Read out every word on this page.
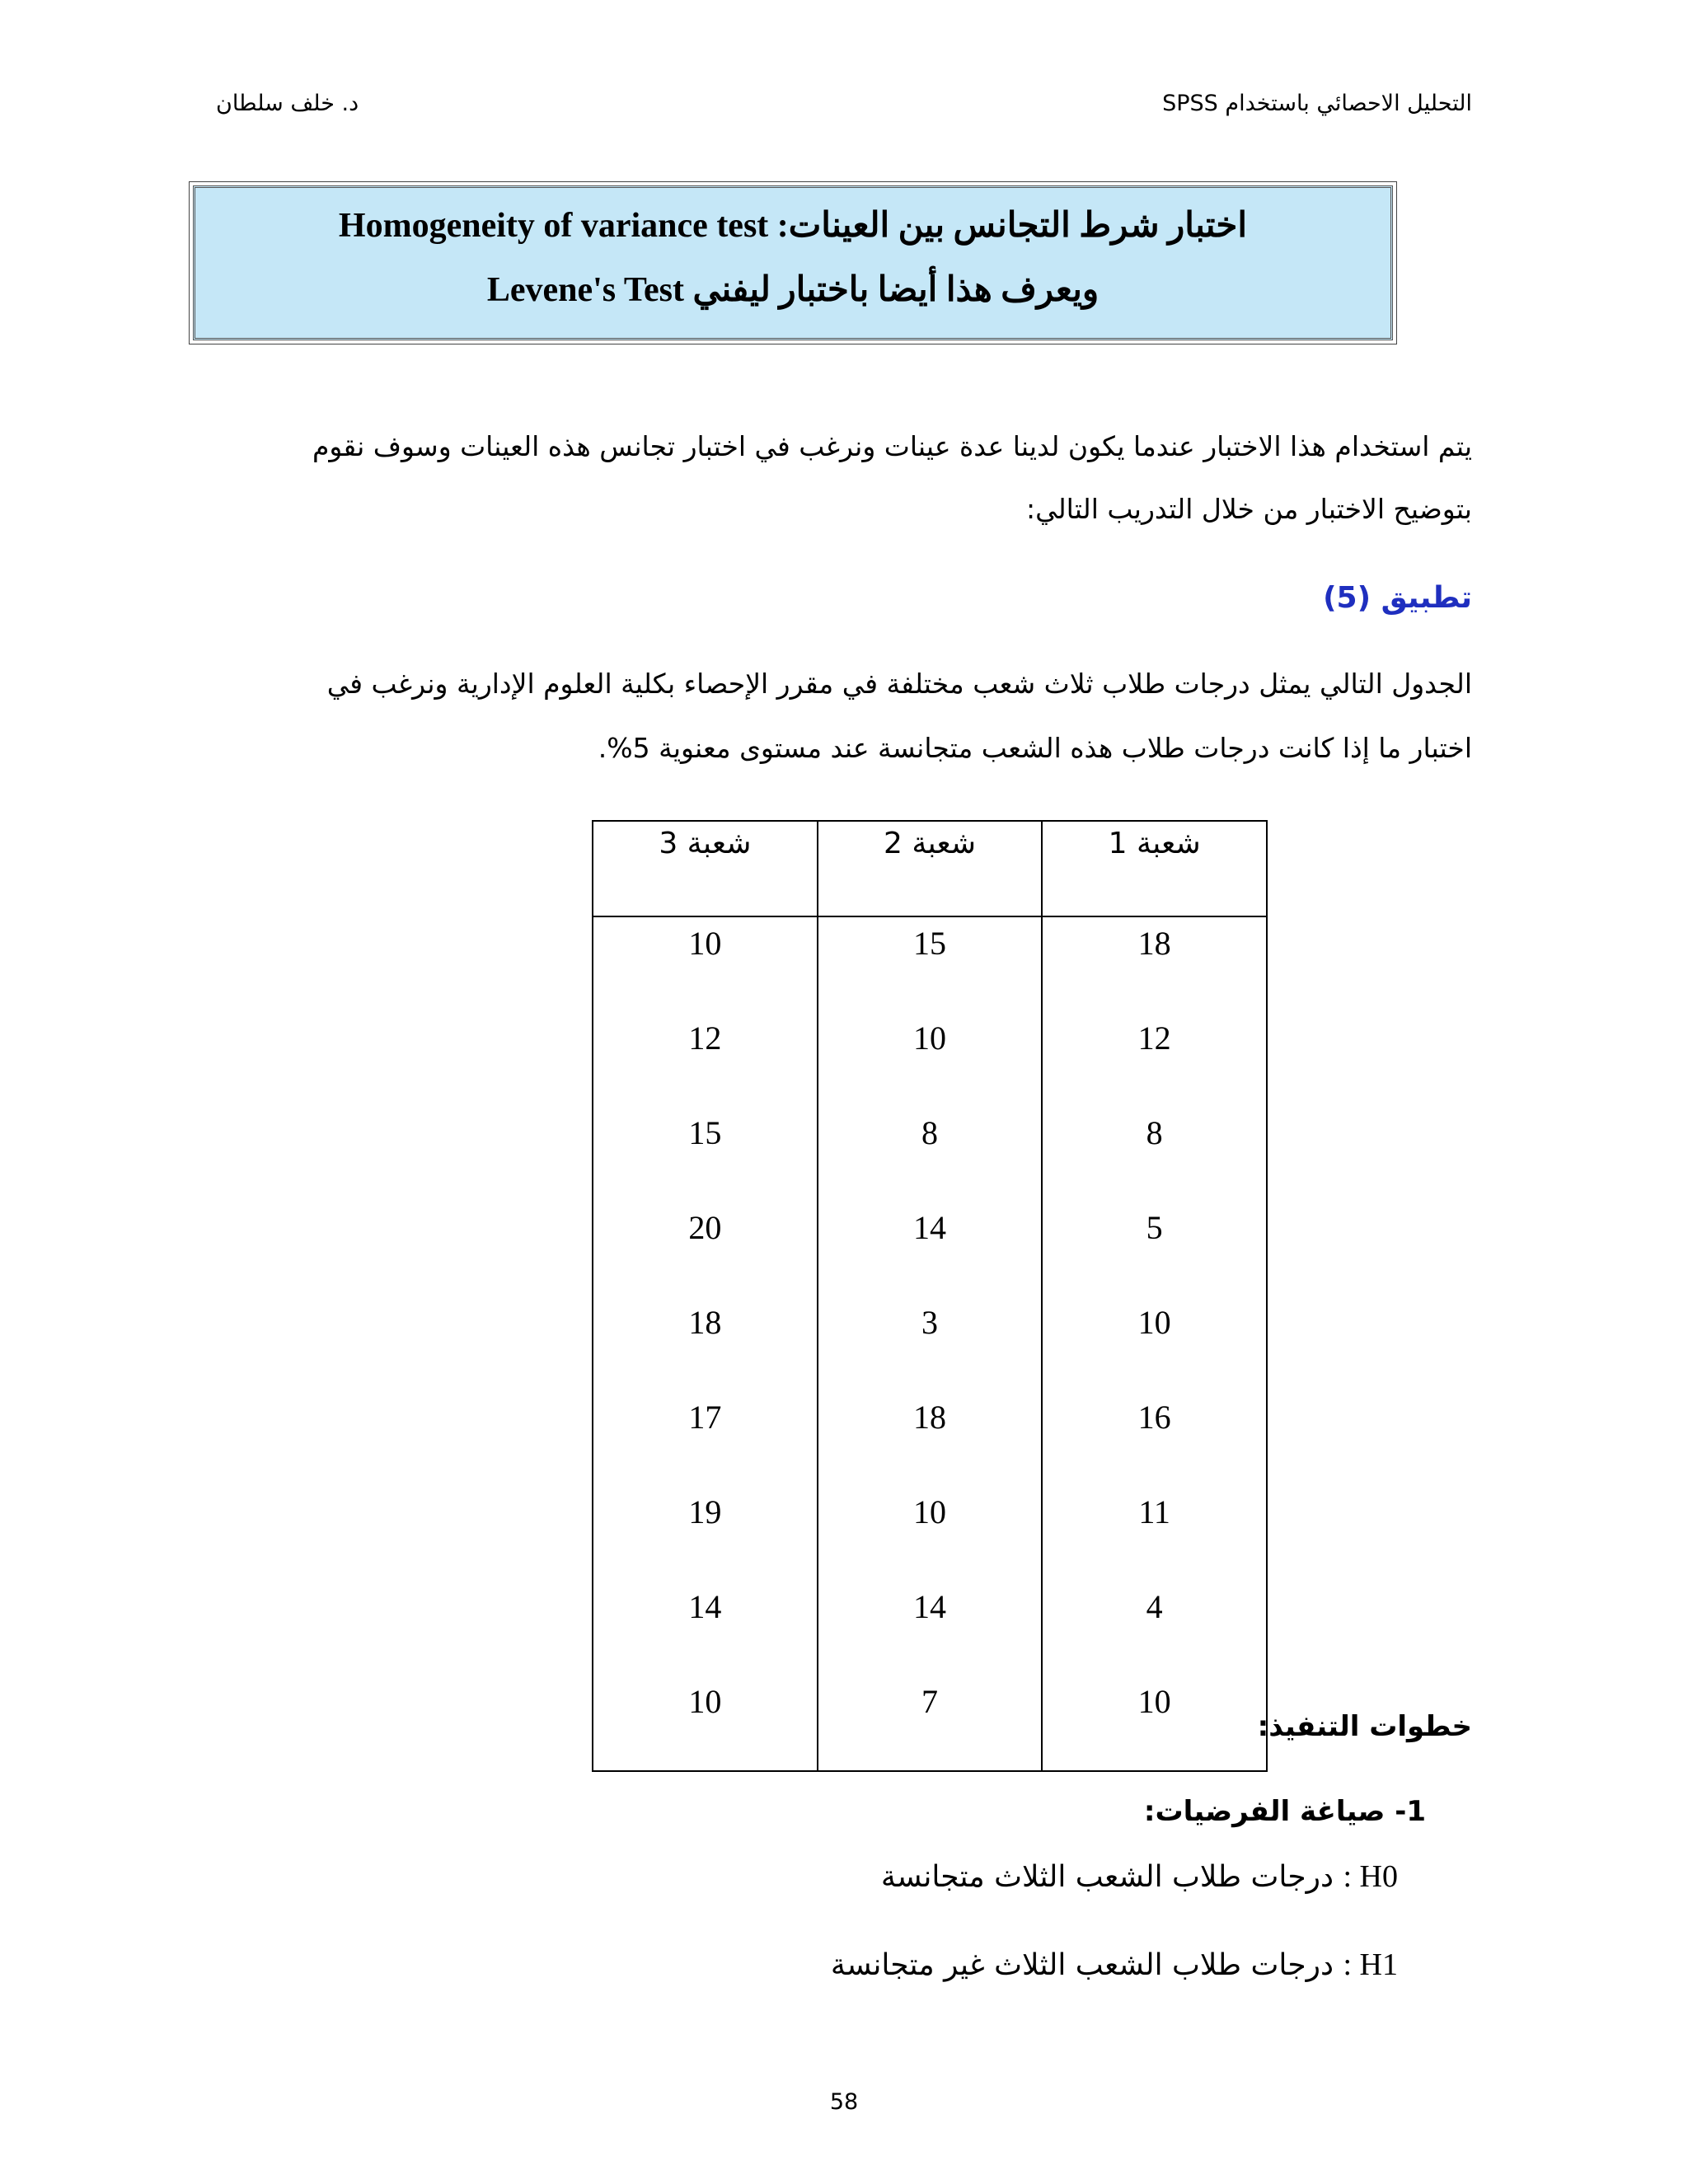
التحليل الاحصائي باستخدام SPSS
د. خلف سلطان
اختبار شرط التجانس بين العينات: Homogeneity of variance test
ويعرف هذا أيضا باختبار ليفني Levene's Test
يتم استخدام هذا الاختبار عندما يكون لدينا عدة عينات ونرغب في اختبار تجانس هذه العينات وسوف نقوم
بتوضيح الاختبار من خلال التدريب التالي:
تطبيق (5)
الجدول التالي يمثل درجات طلاب ثلاث شعب مختلفة في مقرر الإحصاء بكلية العلوم الإدارية ونرغب في
اختبار ما إذا كانت درجات طلاب هذه الشعب متجانسة عند مستوى معنوية 5%.
شعبة 1	شعبة 2	شعبة 3
18	15	10
12	10	12
8	8	15
5	14	20
10	3	18
16	18	17
11	10	19
4	14	14
10	7	10
خطوات التنفيذ:
1- صياغة الفرضيات:
H0 : درجات طلاب الشعب الثلاث متجانسة
H1 : درجات طلاب الشعب الثلاث غير متجانسة
58
